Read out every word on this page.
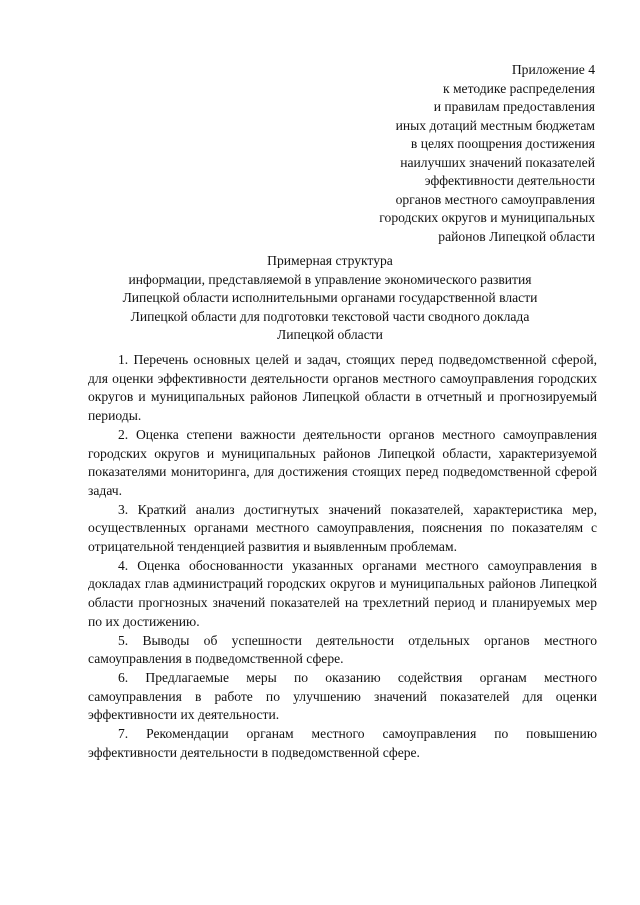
Приложение 4
к методике распределения
и правилам предоставления
иных дотаций местным бюджетам
в целях поощрения достижения
наилучших значений показателей
эффективности деятельности
органов местного самоуправления
городских округов и муниципальных
районов Липецкой области
Примерная структура
информации, представляемой в управление экономического развития
Липецкой области исполнительными органами государственной власти
Липецкой области для подготовки текстовой части сводного доклада
Липецкой области

1. Перечень основных целей и задач, стоящих перед подведомственной сферой, для оценки эффективности деятельности органов местного самоуправления городских округов и муниципальных районов Липецкой области в отчетный и прогнозируемый периоды.

2. Оценка степени важности деятельности органов местного самоуправления городских округов и муниципальных районов Липецкой области, характеризуемой показателями мониторинга, для достижения стоящих перед подведомственной сферой задач.

3. Краткий анализ достигнутых значений показателей, характеристика мер, осуществленных органами местного самоуправления, пояснения по показателям с отрицательной тенденцией развития и выявленным проблемам.

4. Оценка обоснованности указанных органами местного самоуправления в докладах глав администраций городских округов и муниципальных районов Липецкой области прогнозных значений показателей на трехлетний период и планируемых мер по их достижению.

5. Выводы об успешности деятельности отдельных органов местного самоуправления в подведомственной сфере.

6. Предлагаемые меры по оказанию содействия органам местного самоуправления в работе по улучшению значений показателей для оценки эффективности их деятельности.

7. Рекомендации органам местного самоуправления по повышению эффективности деятельности в подведомственной сфере.
